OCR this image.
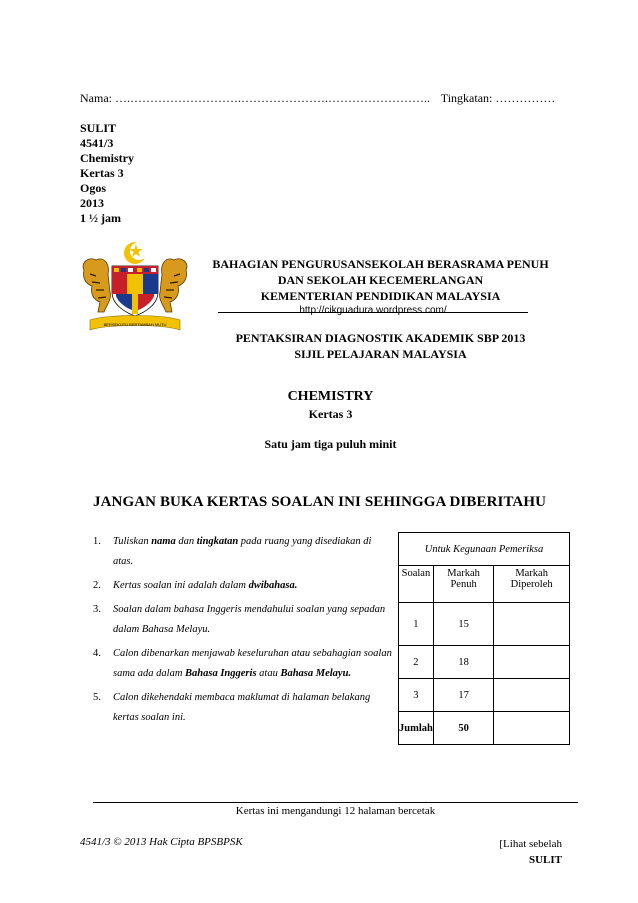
Nama: ….……………………….………………….…………………….. Tingkatan: ……………
SULIT
4541/3
Chemistry
Kertas 3
Ogos
2013
1 ½ jam
BERSEKUTU BERTAMBAH MUTU
BAHAGIAN PENGURUSANSEKOLAH BERASRAMA PENUH
DAN SEKOLAH KECEMERLANGAN
KEMENTERIAN PENDIDIKAN MALAYSIA
http://cikguadura.wordpress.com/
PENTAKSIRAN DIAGNOSTIK AKADEMIK SBP 2013
SIJIL PELAJARAN MALAYSIA
CHEMISTRY
Kertas 3
Satu jam tiga puluh minit
JANGAN BUKA KERTAS SOALAN INI SEHINGGA DIBERITAHU
1. Tuliskan nama dan tingkatan pada ruang yang disediakan di atas.
2. Kertas soalan ini adalah dalam dwibahasa.
3. Soalan dalam bahasa Inggeris mendahului soalan yang sepadan dalam Bahasa Melayu.
4. Calon dibenarkan menjawab keseluruhan atau sebahagian soalan sama ada dalam Bahasa Inggeris atau Bahasa Melayu.
5. Calon dikehendaki membaca maklumat di halaman belakang kertas soalan ini.
Untuk Kegunaan Pemeriksa		
Soalan	Markah Penuh	Markah Diperoleh
1	15	
2	18	
3	17	
Jumlah	50	
Kertas ini mengandungi 12 halaman bercetak
4541/3 © 2013 Hak Cipta BPSBPSK	[Lihat sebelah
SULIT
